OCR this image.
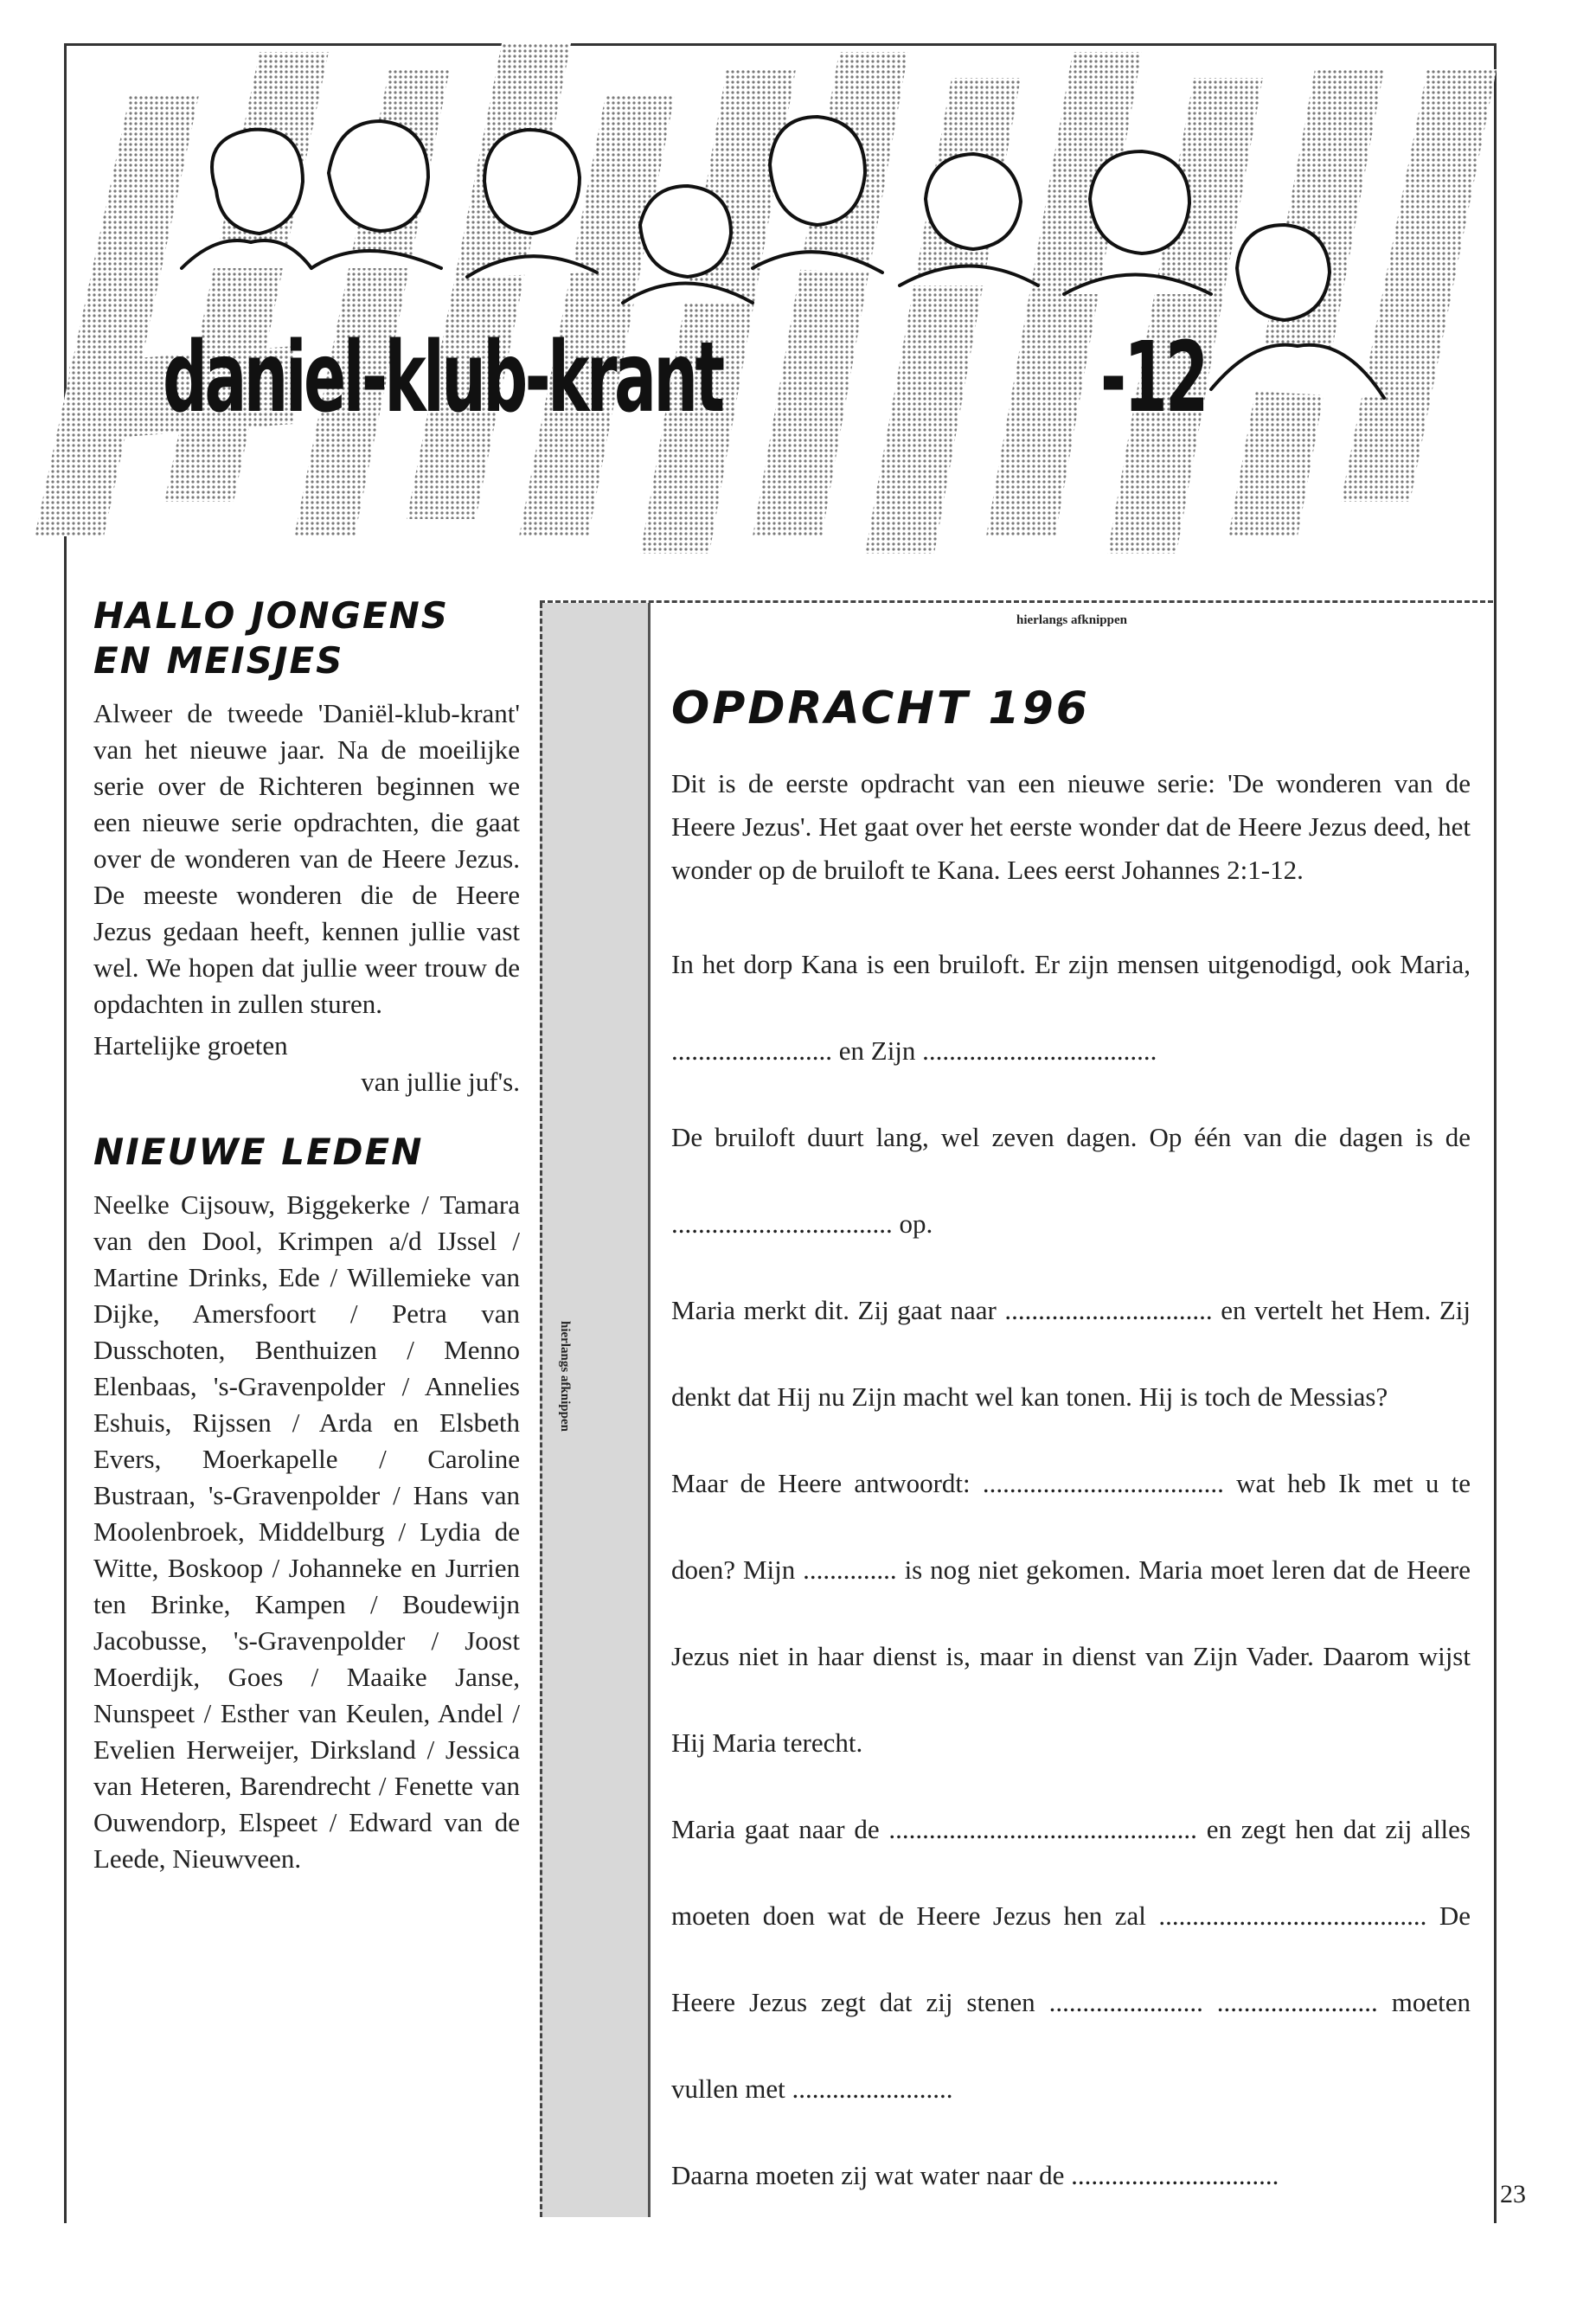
daniel-klub-krant	-12
HALLO JONGENS
EN MEISJES

Alweer de tweede 'Daniël-klub-krant' van het nieuwe jaar. Na de moeilijke serie over de Richteren beginnen we een nieuwe serie opdrachten, die gaat over de wonderen van de Heere Jezus. De meeste wonderen die de Heere Jezus gedaan heeft, kennen jullie vast wel. We hopen dat jullie weer trouw de opdachten in zullen sturen.

Hartelijke groeten
van jullie juf's.

NIEUWE LEDEN

Neelke Cijsouw, Biggekerke / Tamara van den Dool, Krimpen a/d IJssel / Martine Drinks, Ede / Willemieke van Dijke, Amersfoort / Petra van Dusschoten, Benthuizen / Menno Elenbaas, 's-Gravenpolder / Annelies Eshuis, Rijssen / Arda en Elsbeth Evers, Moerkapelle / Caroline Bustraan, 's-Gravenpolder / Hans van Moolenbroek, Middelburg / Lydia de Witte, Boskoop / Johanneke en Jurrien ten Brinke, Kampen / Boudewijn Jacobusse, 's-Gravenpolder / Joost Moerdijk, Goes / Maaike Janse, Nunspeet / Esther van Keulen, Andel / Evelien Herweijer, Dirksland / Jessica van Heteren, Barendrecht / Fenette van Ouwendorp, Elspeet / Edward van de Leede, Nieuwveen.

hierlangs afknippen
hierlangs afknippen
OPDRACHT 196

Dit is de eerste opdracht van een nieuwe serie: 'De wonderen van de Heere Jezus'. Het gaat over het eerste wonder dat de Heere Jezus deed, het wonder op de bruiloft te Kana. Lees eerst Johannes 2:1-12.

In het dorp Kana is een bruiloft. Er zijn mensen uitgenodigd, ook Maria, ........................ en Zijn ...................................

De bruiloft duurt lang, wel zeven dagen. Op één van die dagen is de ................................. op.

Maria merkt dit. Zij gaat naar ............................... en vertelt het Hem. Zij denkt dat Hij nu Zijn macht wel kan tonen. Hij is toch de Messias?

Maar de Heere antwoordt: .................................... wat heb Ik met u te doen? Mijn .............. is nog niet gekomen. Maria moet leren dat de Heere Jezus niet in haar dienst is, maar in dienst van Zijn Vader. Daarom wijst Hij Maria terecht.

Maria gaat naar de .............................................. en zegt hen dat zij alles moeten doen wat de Heere Jezus hen zal ........................................ De Heere Jezus zegt dat zij stenen ....................... ........................ moeten vullen met ........................

Daarna moeten zij wat water naar de ...............................

23
